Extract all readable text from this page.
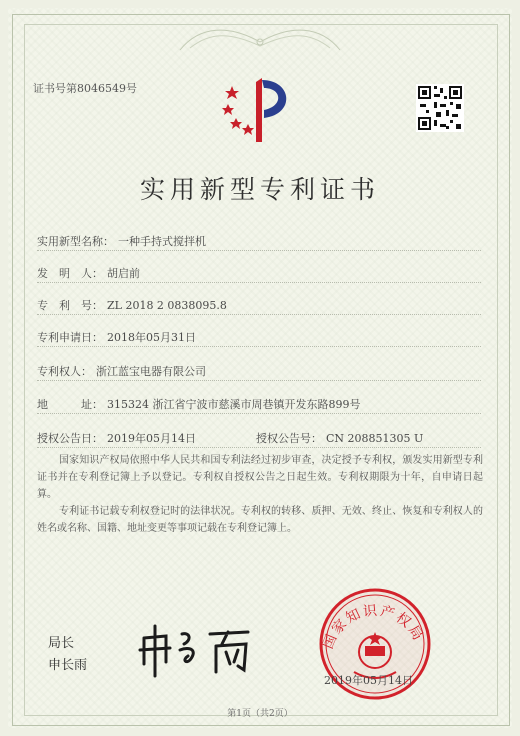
证书号第8046549号
实用新型专利证书
实用新型名称： 一种手持式搅拌机
发　明　人： 胡启前
专　利　号： ZL 2018 2 0838095.8
专利申请日： 2018年05月31日
专利权人： 浙江蓝宝电器有限公司
地　　　址： 315324 浙江省宁波市慈溪市周巷镇开发东路899号
授权公告日： 2019年05月14日	授权公告号： CN 208851305 U

国家知识产权局依照中华人民共和国专利法经过初步审查，决定授予专利权，颁发实用新型专利证书并在专利登记簿上予以登记。专利权自授权公告之日起生效。专利权期限为十年，自申请日起算。

专利证书记载专利权登记时的法律状况。专利权的转移、质押、无效、终止、恢复和专利权人的姓名或名称、国籍、地址变更等事项记载在专利登记簿上。

局长
申长雨
国家知识产权局
2019年05月14日
第1页（共2页）
